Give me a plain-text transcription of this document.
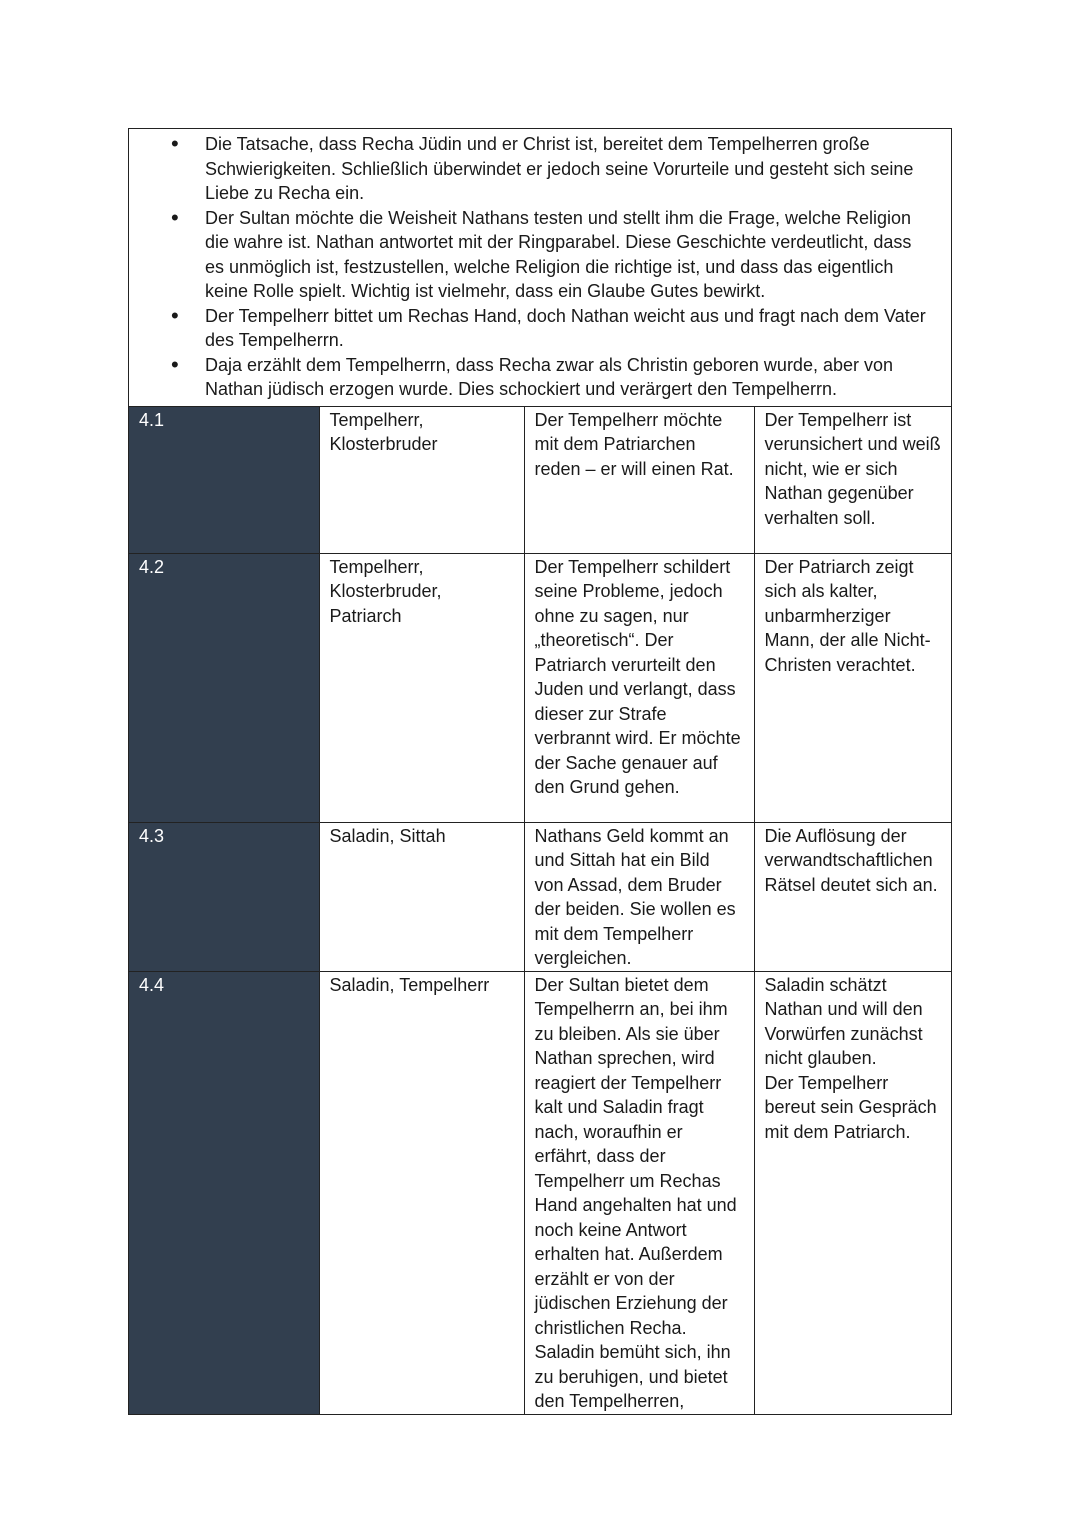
• Die Tatsache, dass Recha Jüdin und er Christ ist, bereitet dem Tempelherren große Schwierigkeiten. Schließlich überwindet er jedoch seine Vorurteile und gesteht sich seine Liebe zu Recha ein.
• Der Sultan möchte die Weisheit Nathans testen und stellt ihm die Frage, welche Religion die wahre ist. Nathan antwortet mit der Ringparabel. Diese Geschichte verdeutlicht, dass es unmöglich ist, festzustellen, welche Religion die richtige ist, und dass das eigentlich keine Rolle spielt. Wichtig ist vielmehr, dass ein Glaube Gutes bewirkt.
• Der Tempelherr bittet um Rechas Hand, doch Nathan weicht aus und fragt nach dem Vater des Tempelherrn.
• Daja erzählt dem Tempelherrn, dass Recha zwar als Christin geboren wurde, aber von Nathan jüdisch erzogen wurde. Dies schockiert und verärgert den Tempelherrn.
4.1	Tempelherr, Klosterbruder	Der Tempelherr möchte mit dem Patriarchen reden – er will einen Rat.	Der Tempelherr ist verunsichert und weiß nicht, wie er sich Nathan gegenüber verhalten soll.
4.2	Tempelherr, Klosterbruder, Patriarch	Der Tempelherr schildert seine Probleme, jedoch ohne zu sagen, nur „theoretisch“. Der Patriarch verurteilt den Juden und verlangt, dass dieser zur Strafe verbrannt wird. Er möchte der Sache genauer auf den Grund gehen.	Der Patriarch zeigt sich als kalter, unbarmherziger Mann, der alle Nicht-Christen verachtet.
4.3	Saladin, Sittah	Nathans Geld kommt an und Sittah hat ein Bild von Assad, dem Bruder der beiden. Sie wollen es mit dem Tempelherr vergleichen.	Die Auflösung der verwandtschaftlichen Rätsel deutet sich an.
4.4	Saladin, Tempelherr	Der Sultan bietet dem Tempelherrn an, bei ihm zu bleiben. Als sie über Nathan sprechen, wird reagiert der Tempelherr kalt und Saladin fragt nach, woraufhin er erfährt, dass der Tempelherr um Rechas Hand angehalten hat und noch keine Antwort erhalten hat. Außerdem erzählt er von der jüdischen Erziehung der christlichen Recha. Saladin bemüht sich, ihn zu beruhigen, und bietet den Tempelherren,	Saladin schätzt Nathan und will den Vorwürfen zunächst nicht glauben.
Der Tempelherr bereut sein Gespräch mit dem Patriarch.
